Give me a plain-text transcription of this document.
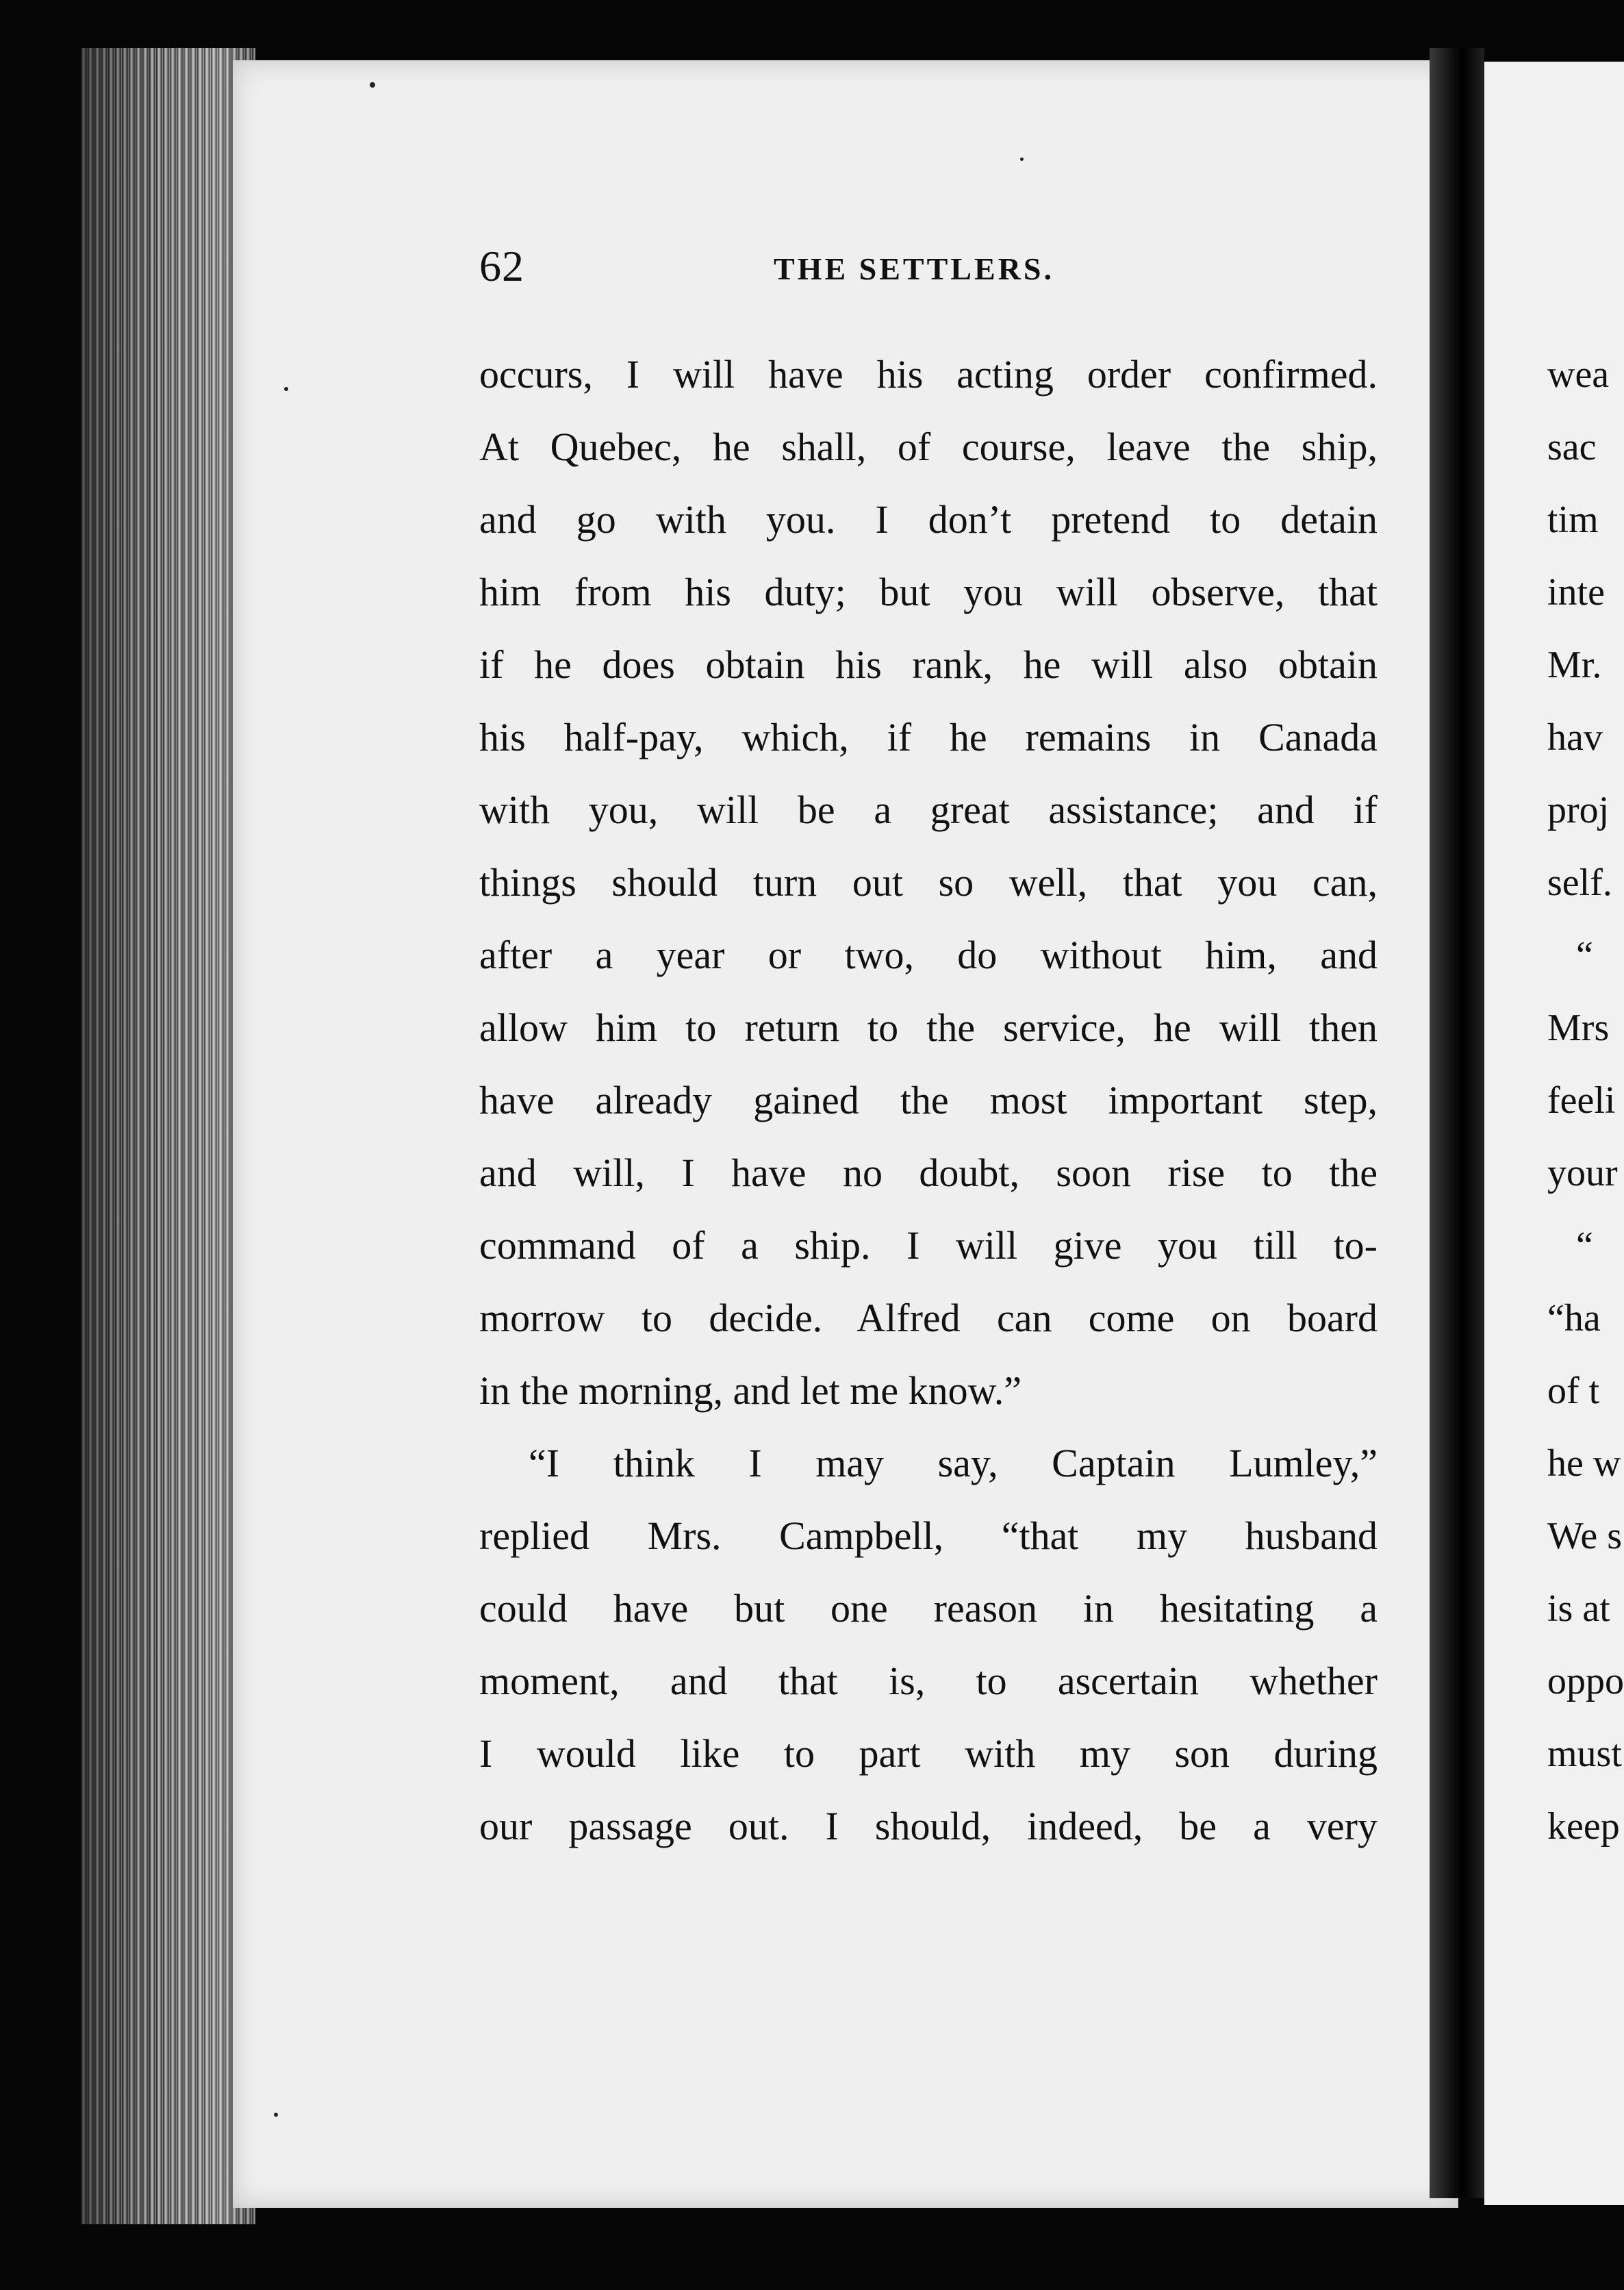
62	THE SETTLERS.
occurs, I will have his acting order confirmed.
At Quebec, he shall, of course, leave the ship,
and go with you. I don’t pretend to detain
him from his duty; but you will observe, that
if he does obtain his rank, he will also obtain
his half-pay, which, if he remains in Canada
with you, will be a great assistance; and if
things should turn out so well, that you can,
after a year or two, do without him, and
allow him to return to the service, he will then
have already gained the most important step,
and will, I have no doubt, soon rise to the
command of a ship. I will give you till to-
morrow to decide. Alfred can come on board
in the morning, and let me know.”
“I think I may say, Captain Lumley,”
replied Mrs. Campbell, “that my husband
could have but one reason in hesitating a
moment, and that is, to ascertain whether
I would like to part with my son during
our passage out. I should, indeed, be a very
wea
sac
tim
inte
Mr.
hav
proj
self.
“
Mrs
feeli
your
“
“ha
of t
he w
We s
is at
oppo
must
keep
